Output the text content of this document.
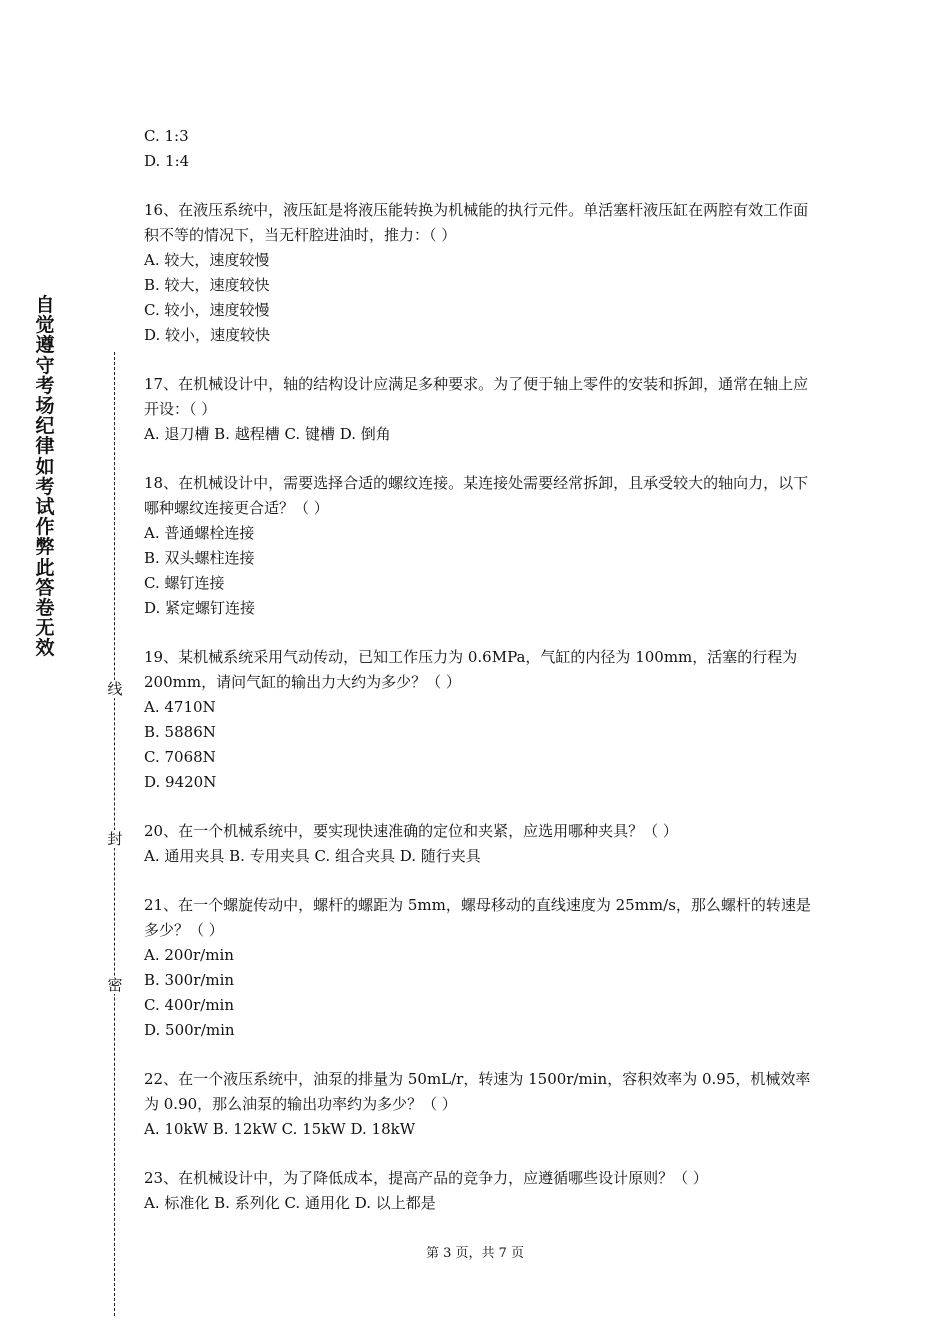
自觉遵守考场纪律如考试作弊此答卷无效
线
封
密

C. 1:3

D. 1:4

16、在液压系统中，液压缸是将液压能转换为机械能的执行元件。单活塞杆液压缸在两腔有效工作面积不等的情况下，当无杆腔进油时，推力：（ ）

A. 较大，速度较慢

B. 较大，速度较快

C. 较小，速度较慢

D. 较小，速度较快

17、在机械设计中，轴的结构设计应满足多种要求。为了便于轴上零件的安装和拆卸，通常在轴上应开设：（ ）

A. 退刀槽 B. 越程槽 C. 键槽 D. 倒角

18、在机械设计中，需要选择合适的螺纹连接。某连接处需要经常拆卸，且承受较大的轴向力，以下哪种螺纹连接更合适？（ ）

A. 普通螺栓连接

B. 双头螺柱连接

C. 螺钉连接

D. 紧定螺钉连接

19、某机械系统采用气动传动，已知工作压力为 0.6MPa，气缸的内径为 100mm，活塞的行程为 200mm，请问气缸的输出力大约为多少？（ ）

A. 4710N

B. 5886N

C. 7068N

D. 9420N

20、在一个机械系统中，要实现快速准确的定位和夹紧，应选用哪种夹具？（ ）

A. 通用夹具 B. 专用夹具 C. 组合夹具 D. 随行夹具

21、在一个螺旋传动中，螺杆的螺距为 5mm，螺母移动的直线速度为 25mm/s，那么螺杆的转速是多少？（ ）

A. 200r/min

B. 300r/min

C. 400r/min

D. 500r/min

22、在一个液压系统中，油泵的排量为 50mL/r，转速为 1500r/min，容积效率为 0.95，机械效率为 0.90，那么油泵的输出功率约为多少？（ ）

A. 10kW B. 12kW C. 15kW D. 18kW

23、在机械设计中，为了降低成本，提高产品的竞争力，应遵循哪些设计原则？（ ）

A. 标准化 B. 系列化 C. 通用化 D. 以上都是

第 3 页，共 7 页
